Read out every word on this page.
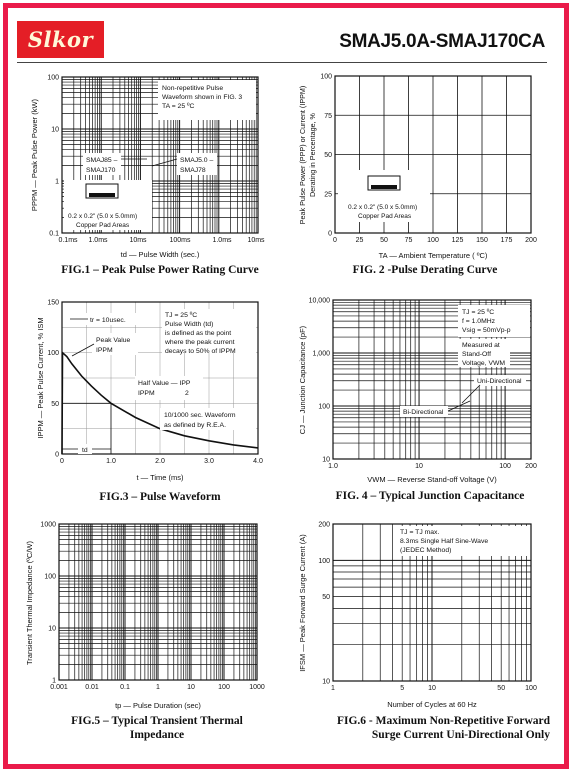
Slkor	SMAJ5.0A-SMAJ170CA
Non-repetitive Pulse
Waveform shown in FIG. 3
TA = 25 ºC
SMAJ85 –
SMAJ170
SMAJ5.0 –
SMAJ78
0.2 x 0.2" (5.0 x 5.0mm)
Copper Pad Areas
0.1ms 1.0ms	10ms	100ms	1.0ms 10ms
0.1
1
10
100
td — Pulse Width (sec.)
PPPM — Peak Pulse Power (kW)	0.2 x 0.2" (5.0 x 5.0mm)
Copper Pad Areas
0	25 50 75 100 125 150 175 200
0
25
50
75
100
TA — Ambient Temperature ( ºC)
Peak Pulse Power (PPP) or Current (IPPM) Derating in Percentage, %
tr = 10usec.
TJ = 25 ºC
Pulse Width (td)
is defined as the point
where the peak current
decays to 50% of IPPM
Peak Value
IPPM
Half Value — IPP
IPPM	2
10/1000 sec. Waveform
as defined by R.E.A.
td
0	1.0	2.0	3.0	4.0
0
50
100
150
t — Time (ms)
IPPM — Peak Pulse Current, % ISM
TJ = 25 ºC
f = 1.0MHz
Vsig = 50mVp-p
Measured at
Stand-Off
Voltage, VWM
Uni-Directional
Bi-Directional
1.0	10	100 200
10
100
1,000
10,000
VWM — Reverse Stand-off Voltage (V)
CJ — Junction Capacitance (pF)
0.001 0.01	0.1	1	10	100	1000
1
10
100
1000
tp — Pulse Duration (sec)
Transient Thermal Impedance (ºC/W)
TJ = TJ max.
8.3ms Single Half Sine-Wave
(JEDEC Method)
1	5	10	50	100
10
50
100
200
Number of Cycles at 60 Hz
IFSM — Peak Forward Surge Current (A)
FIG.1 – Peak Pulse Power Rating Curve	FIG. 2 -Pulse Derating Curve
FIG.3 – Pulse Waveform	FIG. 4 – Typical Junction Capacitance
FIG.5 – Typical Transient Thermal Impedance
FIG.6 - Maximum Non-Repetitive Forward Surge Current Uni-Directional Only
